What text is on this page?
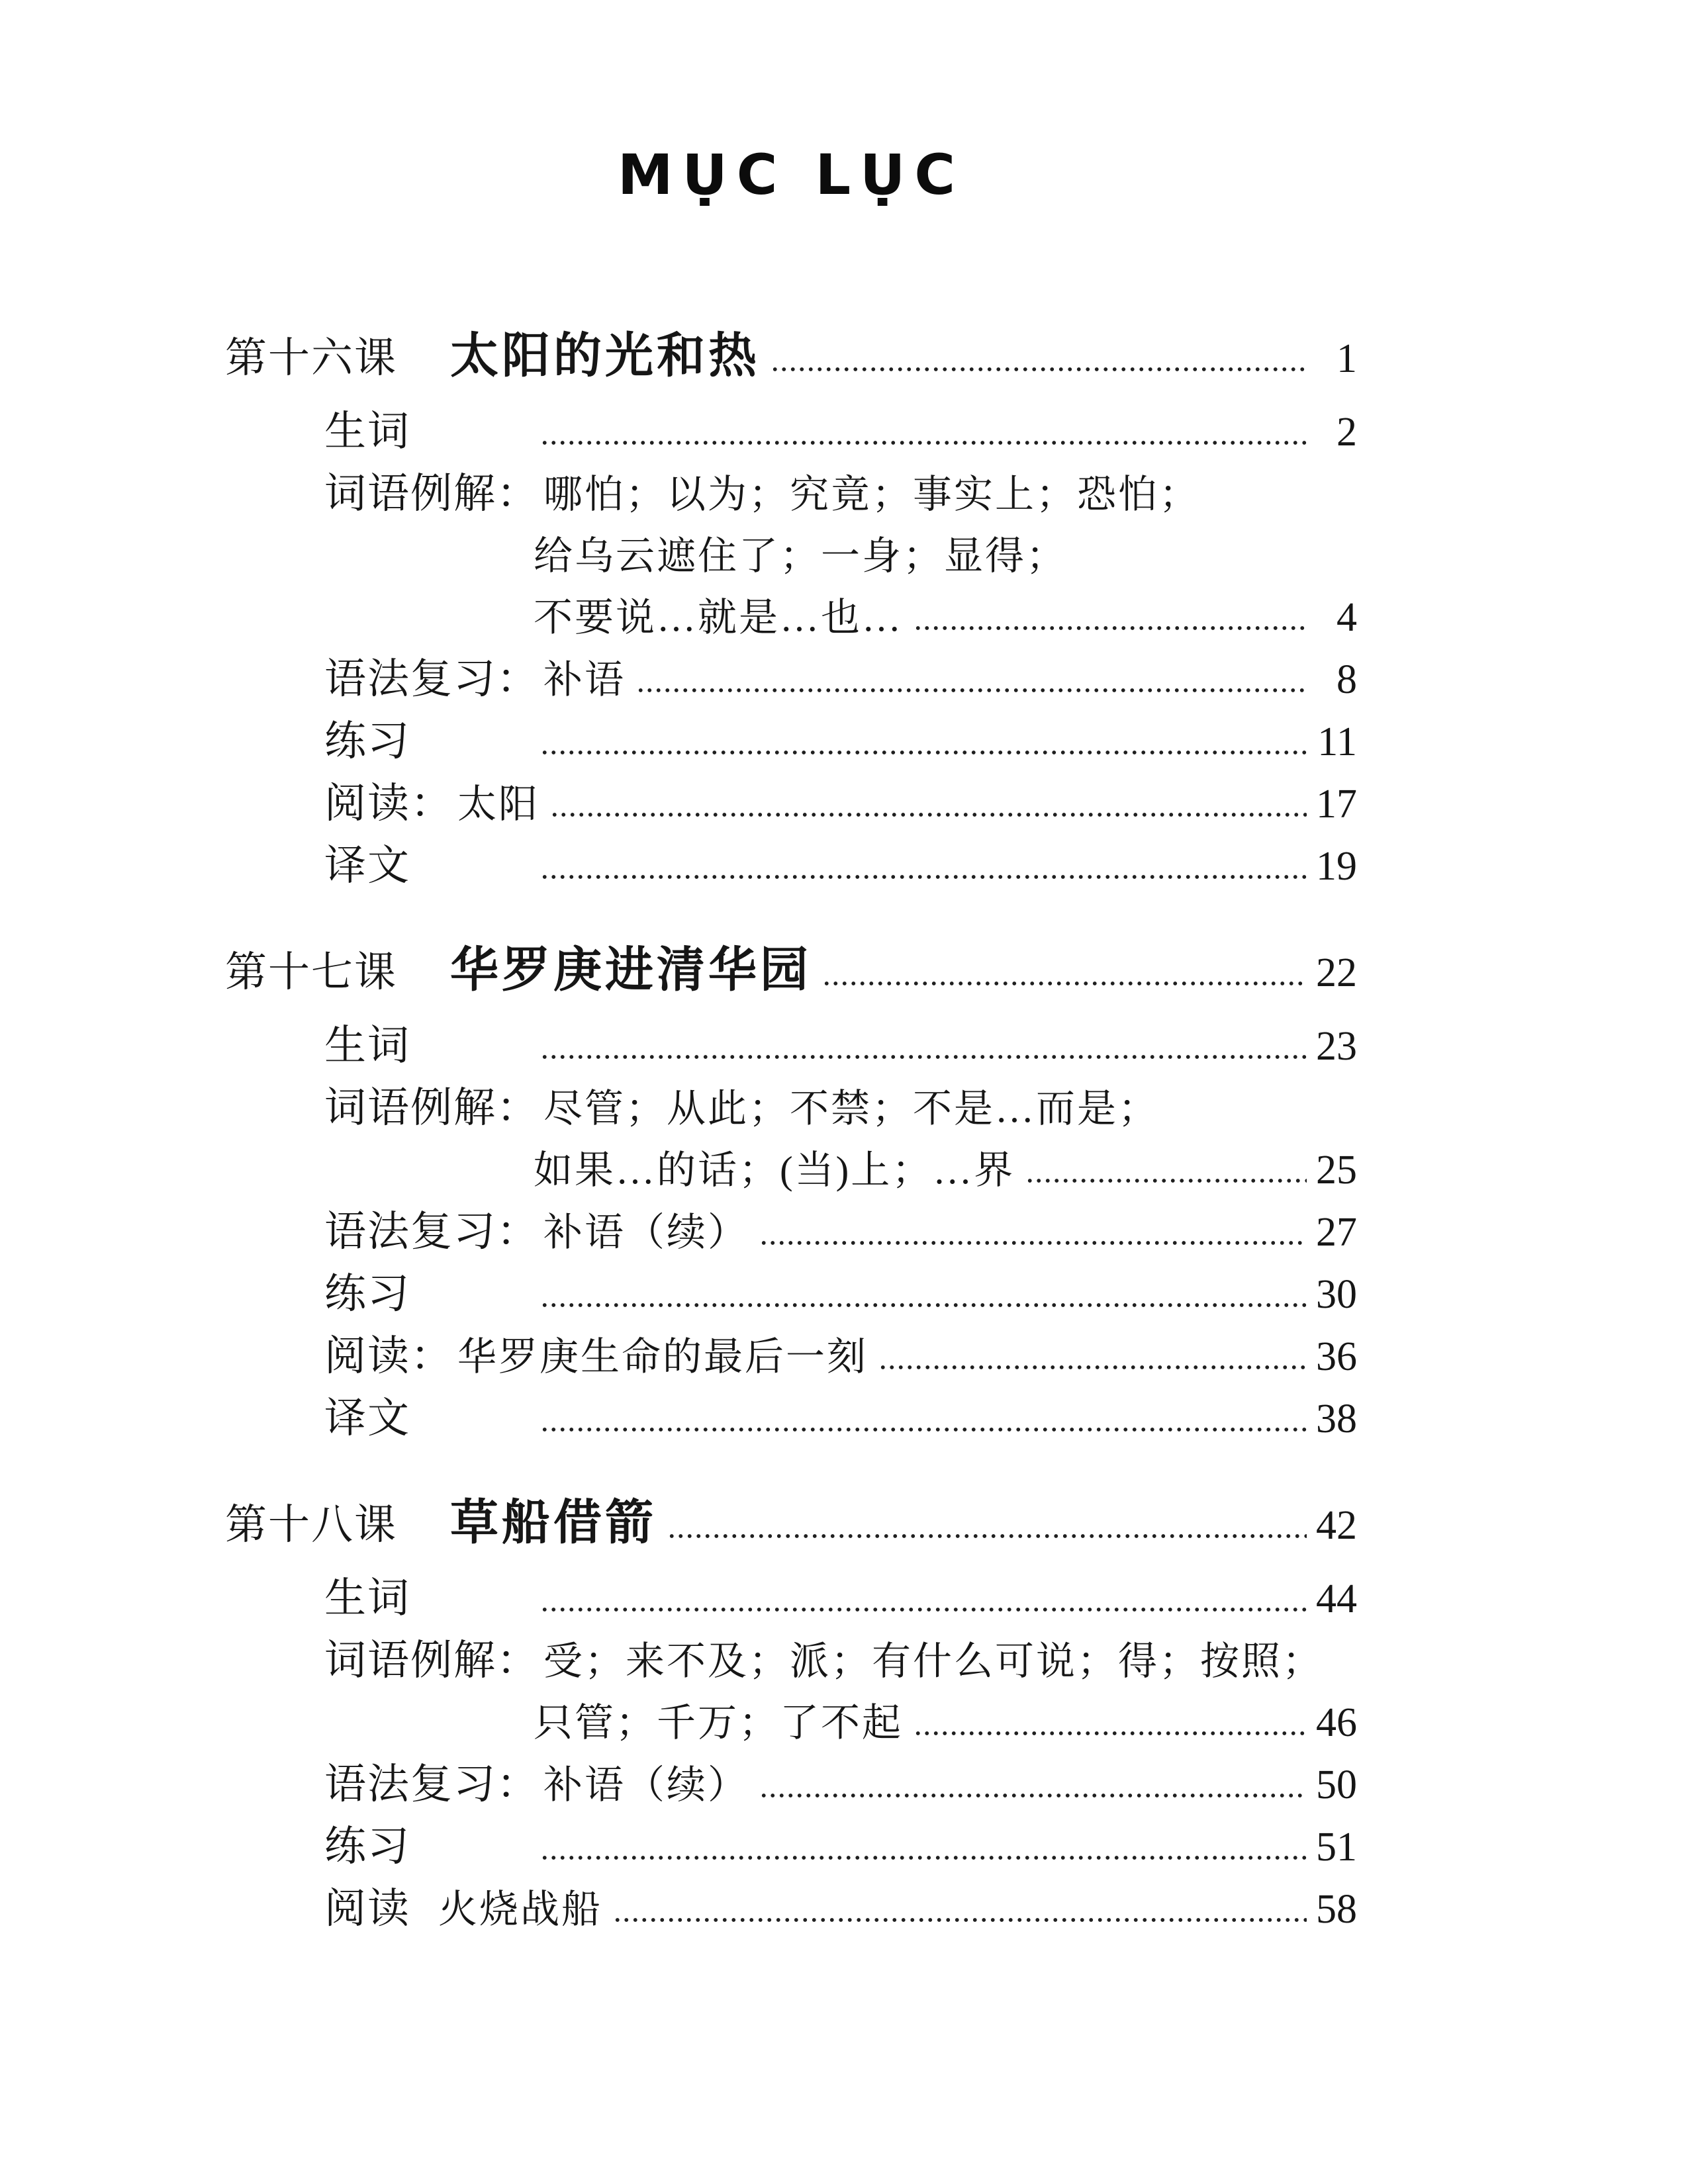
MỤC LỤC
第十六课	太阳的光和热	1
生词	2
词语例解： 哪怕；以为；究竟；事实上；恐怕；
给乌云遮住了；一身；显得；
不要说…就是…也…	4
语法复习： 补语	8
练习	11
阅读： 太阳	17
译文	19
第十七课	华罗庚进清华园	22
生词	23
词语例解： 尽管；从此；不禁；不是…而是；
如果…的话；(当)上；…界	25
语法复习： 补语（续）	27
练习	30
阅读： 华罗庚生命的最后一刻	36
译文	38
第十八课	草船借箭	42
生词	44
词语例解： 受；来不及；派；有什么可说；得；按照；
只管；千万；了不起	46
语法复习： 补语（续）	50
练习	51
阅读 火烧战船	58
